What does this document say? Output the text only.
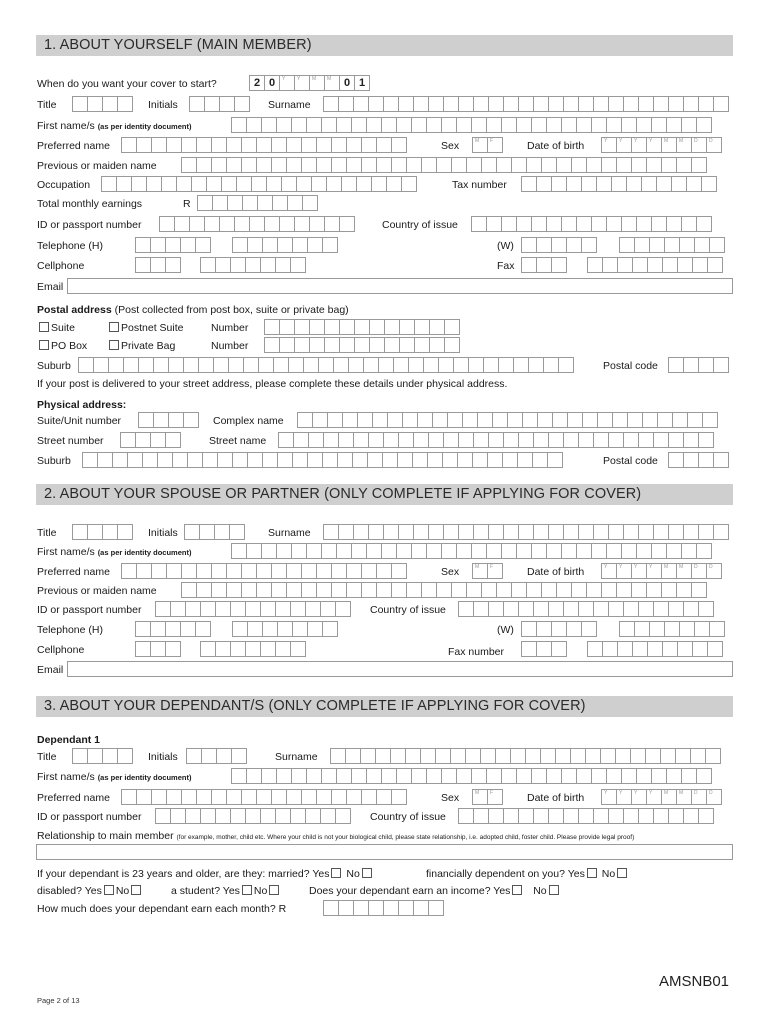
1. ABOUT YOURSELF (MAIN MEMBER)
When do you want your cover to start?	2 0 Y Y M M 0 1
Title	Initials	Surname
First name/s (as per identity document)
Preferred name	Sex	M F	Date of birth	Y Y Y Y M M D D
Previous or maiden name
Occupation	Tax number
Total monthly earnings	R
ID or passport number	Country of issue
Telephone (H)	(W)
Cellphone	Fax
Email
Postal address (Post collected from post box, suite or private bag)
Suite	Postnet Suite	Number
PO Box	Private Bag	Number
Suburb	Postal code
If your post is delivered to your street address, please complete these details under physical address.
Physical address:
Suite/Unit number	Complex name
Street number	Street name
Suburb	Postal code
2. ABOUT YOUR SPOUSE OR PARTNER (ONLY COMPLETE IF APPLYING FOR COVER)
Title	Initials	Surname
First name/s (as per identity document)
Preferred name	Sex	M F	Date of birth	Y Y Y Y M M D D
Previous or maiden name
ID or passport number	Country of issue
Telephone (H)	(W)
Cellphone	Fax number
Email
3. ABOUT YOUR DEPENDANT/S (ONLY COMPLETE IF APPLYING FOR COVER)
Dependant 1
Title	Initials	Surname
First name/s (as per identity document)
Preferred name	Sex	M F	Date of birth	Y Y Y Y M M D D
ID or passport number	Country of issue
Relationship to main member (for example, mother, child etc. Where your child is not your biological child, please state relationship, i.e. adopted child, foster child. Please provide legal proof)
If your dependant is 23 years and older, are they: married? Yes No	financially dependent on you? Yes No
disabled? Yes No	a student? Yes No	Does your dependant earn an income? Yes No
How much does your dependant earn each month? R
AMSNB01
Page 2 of 13
